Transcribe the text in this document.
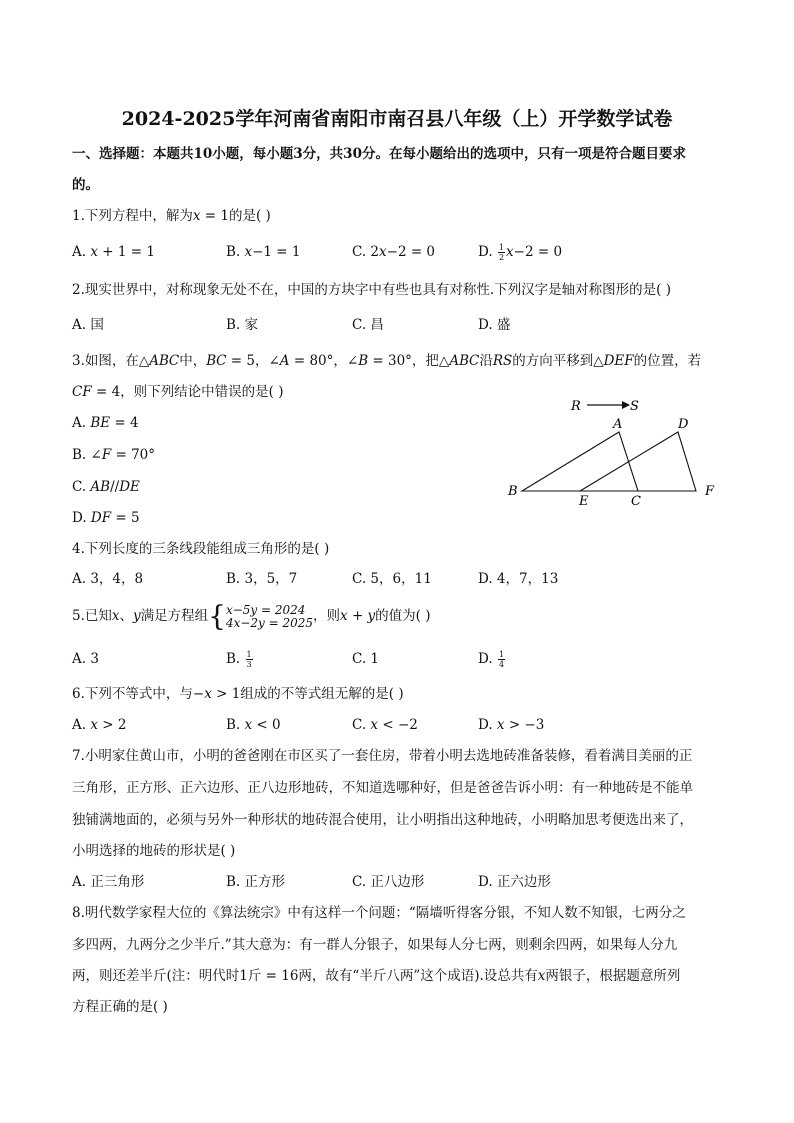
2024-2025学年河南省南阳市南召县八年级（上）开学数学试卷
一、选择题：本题共10小题，每小题3分，共30分。在每小题给出的选项中，只有一项是符合题目要求
的。
1.下列方程中，解为𝑥 = 1的是( )
A. 𝑥 + 1 = 1	B. 𝑥−1 = 1	C. 2𝑥−2 = 0	D. $\frac{1}{2}$ 𝑥−2 = 0
2.现实世界中，对称现象无处不在，中国的方块字中有些也具有对称性.下列汉字是轴对称图形的是( )
A. 国	B. 家	C. 昌	D. 盛
3.如图，在△𝐴𝐵𝐶中，𝐵𝐶 = 5，∠𝐴 = 80°，∠𝐵 = 30°，把△𝐴𝐵𝐶沿𝑅𝑆的方向平移到△𝐷𝐸𝐹的位置，若
𝐶𝐹 = 4，则下列结论中错误的是( )
A. 𝐵𝐸 = 4
B. ∠𝐹 = 70°
C. 𝐴𝐵//𝐷𝐸
D. 𝐷𝐹 = 5
R	S
A	D
B
E	C
F
4.下列长度的三条线段能组成三角形的是( )
A. 3，4，8	B. 3，5，7	C. 5，6，11	D. 4，7，13
5.已知𝑥、𝑦满足方程组{ 𝑥−5𝑦 = 2024
4𝑥−2𝑦 = 2025 ，则𝑥 + 𝑦的值为( )
A. 3	B. $\frac{1}{3}$	C. 1	D. $\frac{1}{4}$
6.下列不等式中，与−𝑥 > 1组成的不等式组无解的是( )
A. 𝑥 > 2	B. 𝑥 < 0	C. 𝑥 < −2	D. 𝑥 > −3
7.小明家住黄山市，小明的爸爸刚在市区买了一套住房，带着小明去选地砖准备装修，看着满目美丽的正
三角形，正方形、正六边形、正八边形地砖，不知道选哪种好，但是爸爸告诉小明：有一种地砖是不能单
独铺满地面的，必须与另外一种形状的地砖混合使用，让小明指出这种地砖，小明略加思考便选出来了，
小明选择的地砖的形状是( )
A. 正三角形	B. 正方形	C. 正八边形	D. 正六边形
8.明代数学家程大位的《算法统宗》中有这样一个问题：“隔墙听得客分银，不知人数不知银，七两分之
多四两，九两分之少半斤.”其大意为：有一群人分银子，如果每人分七两，则剩余四两，如果每人分九
两，则还差半斤(注：明代时1斤 = 16两，故有“半斤八两”这个成语).设总共有𝑥两银子，根据题意所列
方程正确的是( )
